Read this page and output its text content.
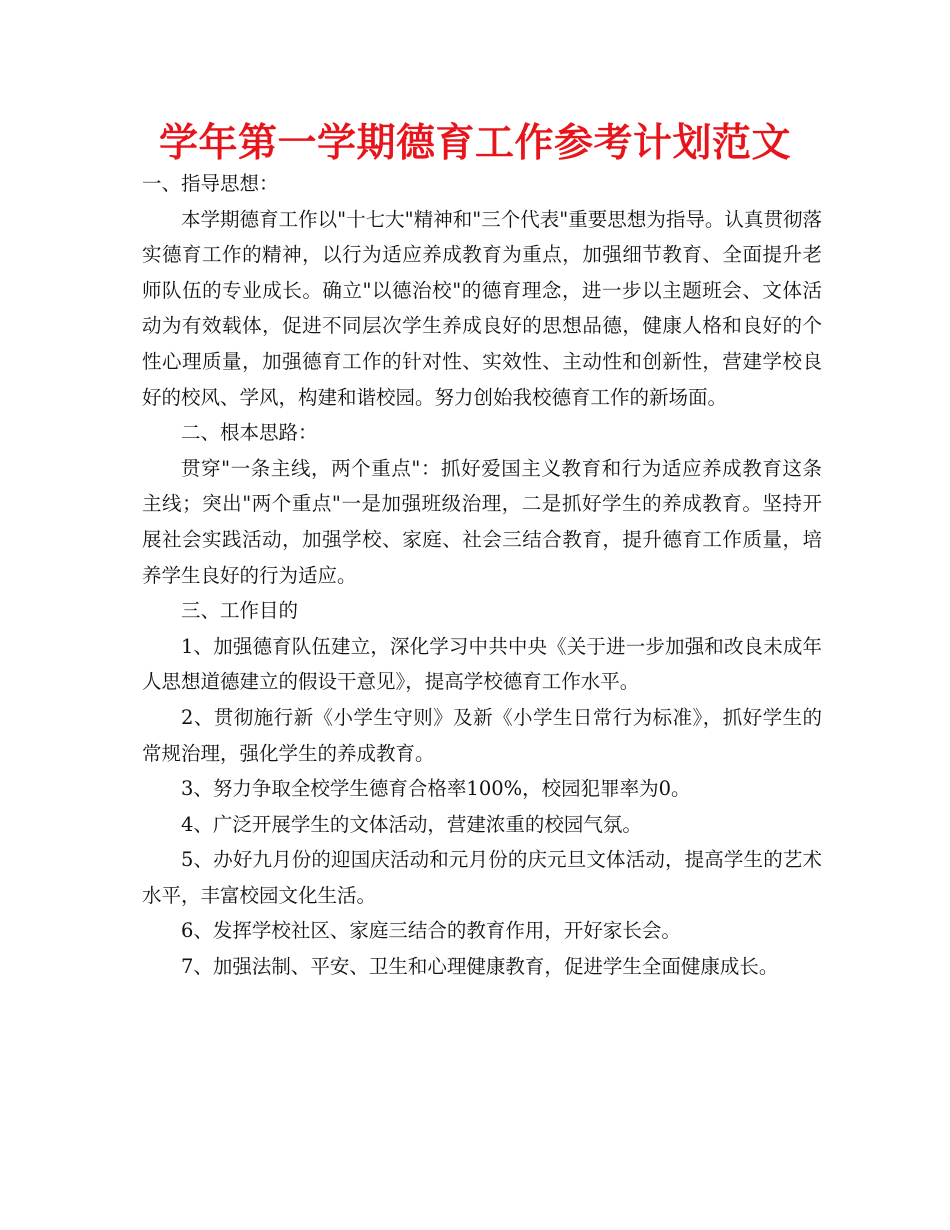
学年第一学期德育工作参考计划范文

一、指导思想：

本学期德育工作以"十七大"精神和"三个代表"重要思想为指导。认真贯彻落实德育工作的精神，以行为适应养成教育为重点，加强细节教育、全面提升老师队伍的专业成长。确立"以德治校"的德育理念，进一步以主题班会、文体活动为有效载体，促进不同层次学生养成良好的思想品德，健康人格和良好的个性心理质量，加强德育工作的针对性、实效性、主动性和创新性，营建学校良好的校风、学风，构建和谐校园。努力创始我校德育工作的新场面。

二、根本思路：

贯穿"一条主线，两个重点"：抓好爱国主义教育和行为适应养成教育这条主线；突出"两个重点"一是加强班级治理，二是抓好学生的养成教育。坚持开展社会实践活动，加强学校、家庭、社会三结合教育，提升德育工作质量，培养学生良好的行为适应。

三、工作目的

1、加强德育队伍建立，深化学习中共中央《关于进一步加强和改良未成年人思想道德建立的假设干意见》，提高学校德育工作水平。

2、贯彻施行新《小学生守则》及新《小学生日常行为标准》，抓好学生的常规治理，强化学生的养成教育。

3、努力争取全校学生德育合格率100%，校园犯罪率为0。

4、广泛开展学生的文体活动，营建浓重的校园气氛。

5、办好九月份的迎国庆活动和元月份的庆元旦文体活动，提高学生的艺术水平，丰富校园文化生活。

6、发挥学校社区、家庭三结合的教育作用，开好家长会。

7、加强法制、平安、卫生和心理健康教育，促进学生全面健康成长。
